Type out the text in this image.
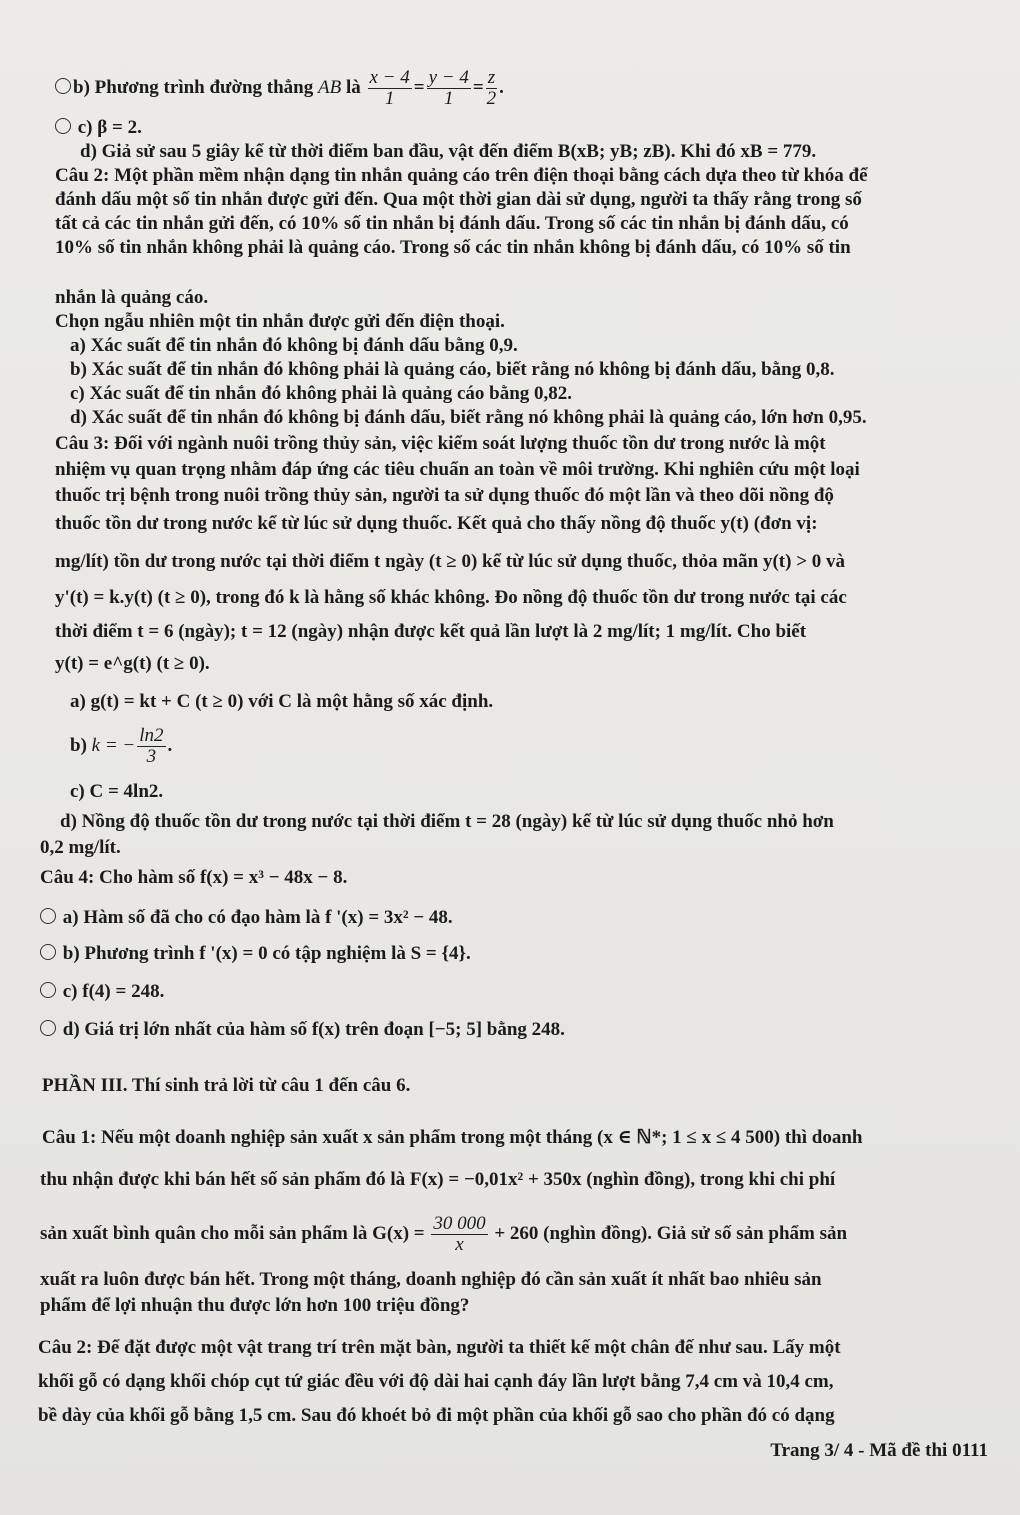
b) Phương trình đường thẳng AB là $\frac{x - 4}{1} = \frac{y - 4}{1} = \frac{z}{2}$ .
c) β = 2.
d) Giả sử sau 5 giây kể từ thời điểm ban đầu, vật đến điểm B(xB; yB; zB). Khi đó xB = 779.
Câu 2: Một phần mềm nhận dạng tin nhắn quảng cáo trên điện thoại bằng cách dựa theo từ khóa để
đánh dấu một số tin nhắn được gửi đến. Qua một thời gian dài sử dụng, người ta thấy rằng trong số
tất cả các tin nhắn gửi đến, có 10% số tin nhắn bị đánh dấu. Trong số các tin nhắn bị đánh dấu, có
10% số tin nhắn không phải là quảng cáo. Trong số các tin nhắn không bị đánh dấu, có 10% số tin
nhắn là quảng cáo.
Chọn ngẫu nhiên một tin nhắn được gửi đến điện thoại.
a) Xác suất để tin nhắn đó không bị đánh dấu bằng 0,9.
b) Xác suất để tin nhắn đó không phải là quảng cáo, biết rằng nó không bị đánh dấu, bằng 0,8.
c) Xác suất để tin nhắn đó không phải là quảng cáo bằng 0,82.
d) Xác suất để tin nhắn đó không bị đánh dấu, biết rằng nó không phải là quảng cáo, lớn hơn 0,95.
Câu 3: Đối với ngành nuôi trồng thủy sản, việc kiểm soát lượng thuốc tồn dư trong nước là một
nhiệm vụ quan trọng nhằm đáp ứng các tiêu chuẩn an toàn về môi trường. Khi nghiên cứu một loại
thuốc trị bệnh trong nuôi trồng thủy sản, người ta sử dụng thuốc đó một lần và theo dõi nồng độ
thuốc tồn dư trong nước kể từ lúc sử dụng thuốc. Kết quả cho thấy nồng độ thuốc y(t) (đơn vị:
mg/lít) tồn dư trong nước tại thời điểm t ngày (t ≥ 0) kể từ lúc sử dụng thuốc, thỏa mãn y(t) > 0 và
y'(t) = k.y(t) (t ≥ 0), trong đó k là hằng số khác không. Đo nồng độ thuốc tồn dư trong nước tại các
thời điểm t = 6 (ngày); t = 12 (ngày) nhận được kết quả lần lượt là 2 mg/lít; 1 mg/lít. Cho biết
y(t) = e^g(t) (t ≥ 0).
a) g(t) = kt + C (t ≥ 0) với C là một hằng số xác định.
b) k = − $\frac{\ln 2}{3}$ .
c) C = 4ln2.
d) Nồng độ thuốc tồn dư trong nước tại thời điểm t = 28 (ngày) kể từ lúc sử dụng thuốc nhỏ hơn
0,2 mg/lít.
Câu 4: Cho hàm số f(x) = x³ − 48x − 8.
a) Hàm số đã cho có đạo hàm là f '(x) = 3x² − 48.
b) Phương trình f '(x) = 0 có tập nghiệm là S = {4}.
c) f(4) = 248.
d) Giá trị lớn nhất của hàm số f(x) trên đoạn [−5; 5] bằng 248.
PHẦN III. Thí sinh trả lời từ câu 1 đến câu 6.
Câu 1: Nếu một doanh nghiệp sản xuất x sản phẩm trong một tháng (x ∈ ℕ*; 1 ≤ x ≤ 4 500) thì doanh
thu nhận được khi bán hết số sản phẩm đó là F(x) = −0,01x² + 350x (nghìn đồng), trong khi chi phí
sản xuất bình quân cho mỗi sản phẩm là $G(x) = \frac{30 000}{x} + 260$ (nghìn đồng). Giả sử số sản phẩm sản
xuất ra luôn được bán hết. Trong một tháng, doanh nghiệp đó cần sản xuất ít nhất bao nhiêu sản
phẩm để lợi nhuận thu được lớn hơn 100 triệu đồng?
Câu 2: Để đặt được một vật trang trí trên mặt bàn, người ta thiết kế một chân đế như sau. Lấy một
khối gỗ có dạng khối chóp cụt tứ giác đều với độ dài hai cạnh đáy lần lượt bằng 7,4 cm và 10,4 cm,
bề dày của khối gỗ bằng 1,5 cm. Sau đó khoét bỏ đi một phần của khối gỗ sao cho phần đó có dạng
Trang 3/ 4 - Mã đề thi 0111
